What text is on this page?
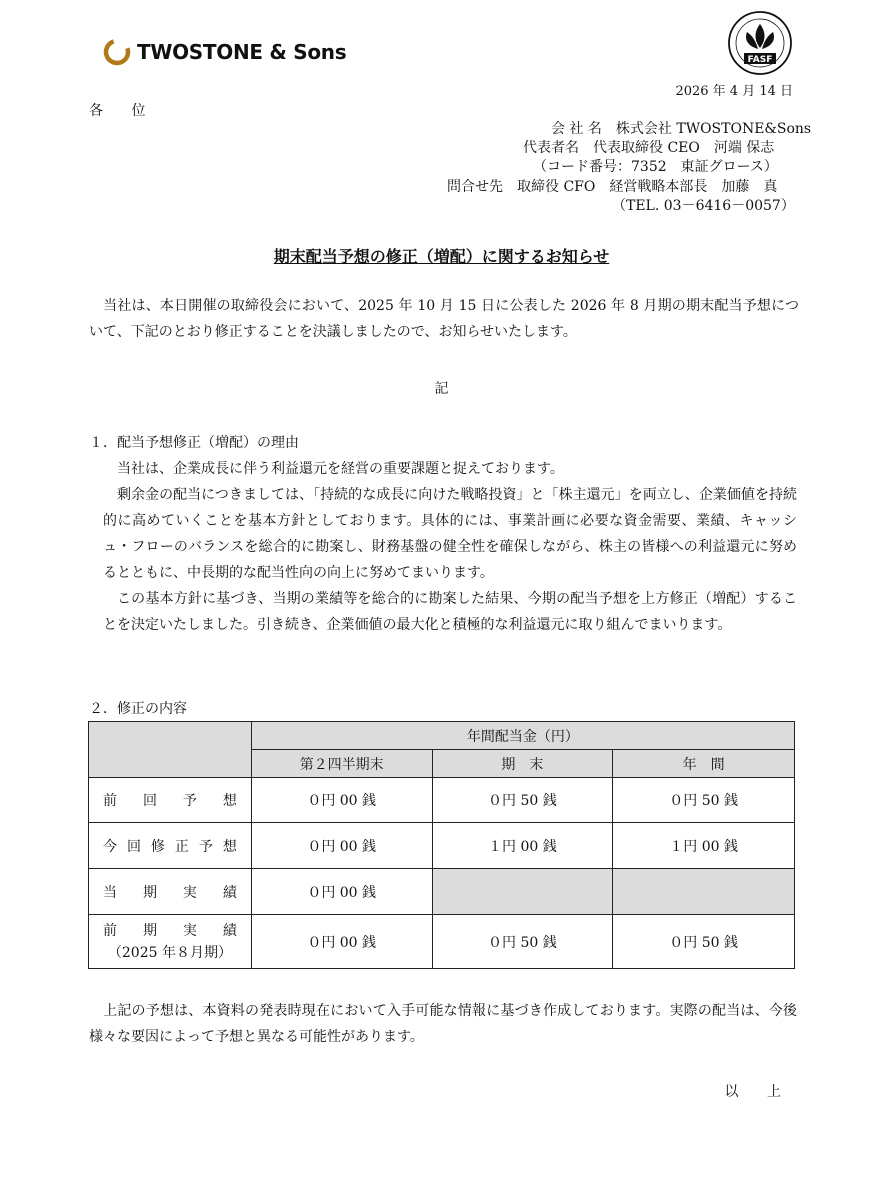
TWOSTONE & Sons	FASF
2026 年 4 月 14 日
各 位
会 社 名　株式会社 TWOSTONE&Sons
代表者名　代表取締役 CEO　河端 保志
（コード番号：7352　東証グロース）
問合せ先　取締役 CFO　経営戦略本部長　加藤　真
（TEL. 03－6416－0057）
期末配当予想の修正（増配）に関するお知らせ
　当社は、本日開催の取締役会において、2025 年 10 月 15 日に公表した 2026 年 8 月期の期末配当予想について、下記のとおり修正することを決議しましたので、お知らせいたします。
記
１．配当予想修正（増配）の理由
当社は、企業成長に伴う利益還元を経営の重要課題と捉えております。
剰余金の配当につきましては、「持続的な成長に向けた戦略投資」と「株主還元」を両立し、企業価値を持続的に高めていくことを基本方針としております。具体的には、事業計画に必要な資金需要、業績、キャッシュ・フローのバランスを総合的に勘案し、財務基盤の健全性を確保しながら、株主の皆様への利益還元に努めるとともに、中長期的な配当性向の向上に努めてまいります。
この基本方針に基づき、当期の業績等を総合的に勘案した結果、今期の配当予想を上方修正（増配）することを決定いたしました。引き続き、企業価値の最大化と積極的な利益還元に取り組んでまいります。
２．修正の内容
	年間配当金（円）		
	第２四半期末	期　末	年　間
前回予想	０円 00 銭	０円 50 銭	０円 50 銭
今回修正予想	０円 00 銭	１円 00 銭	１円 00 銭
当期実績	０円 00 銭		

前期実績
（2025 年８月期）	０円 00 銭	０円 50 銭	０円 50 銭
　上記の予想は、本資料の発表時現在において入手可能な情報に基づき作成しております。実際の配当は、今後様々な要因によって予想と異なる可能性があります。
以 上
